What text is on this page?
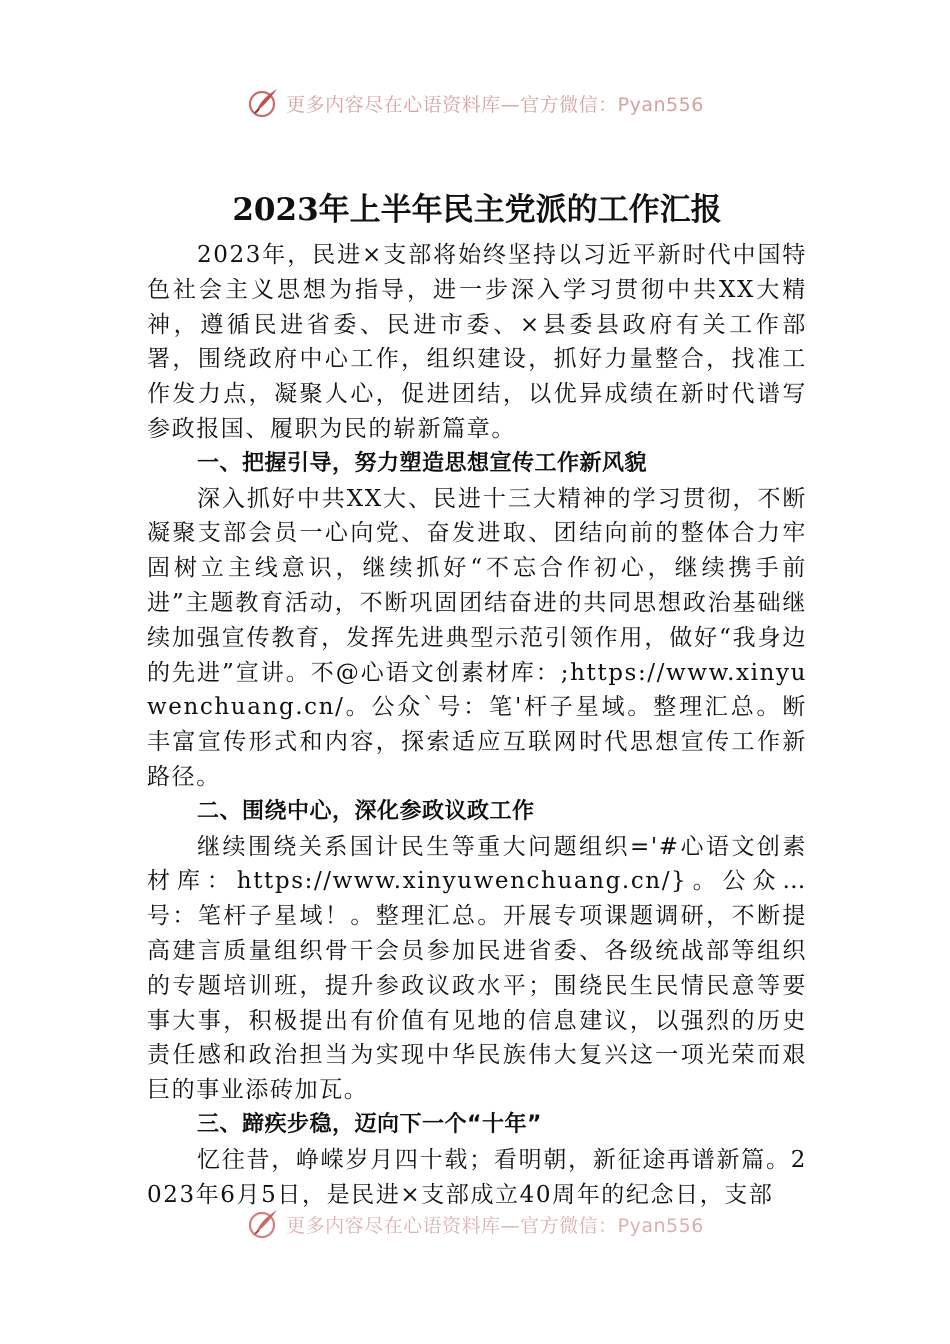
更多内容尽在心语资料库—官方微信：Pyan556
2023年上半年民主党派的工作汇报

2023年，民进×支部将始终坚持以习近平新时代中国特色社会主义思想为指导，进一步深入学习贯彻中共XX大精神，遵循民进省委、民进市委、×县委县政府有关工作部署，围绕政府中心工作，组织建设，抓好力量整合，找准工作发力点，凝聚人心，促进团结，以优异成绩在新时代谱写参政报国、履职为民的崭新篇章。

一、把握引导，努力塑造思想宣传工作新风貌

深入抓好中共XX大、民进十三大精神的学习贯彻，不断凝聚支部会员一心向党、奋发进取、团结向前的整体合力牢固树立主线意识，继续抓好“不忘合作初心，继续携手前进”主题教育活动，不断巩固团结奋进的共同思想政治基础继续加强宣传教育，发挥先进典型示范引领作用，做好“我身边的先进”宣讲。不@心语文创素材库：;https://www.xinyuwenchuang.cn/。公众`号：笔'杆子星域。整理汇总。断丰富宣传形式和内容，探索适应互联网时代思想宣传工作新路径。

二、围绕中心，深化参政议政工作

继续围绕关系国计民生等重大问题组织='#心语文创素材库：https://www.xinyuwenchuang.cn/}。公众…号：笔杆子星域！。整理汇总。开展专项课题调研，不断提高建言质量组织骨干会员参加民进省委、各级统战部等组织的专题培训班，提升参政议政水平；围绕民生民情民意等要事大事，积极提出有价值有见地的信息建议，以强烈的历史责任感和政治担当为实现中华民族伟大复兴这一项光荣而艰巨的事业添砖加瓦。

三、蹄疾步稳，迈向下一个“十年”

忆往昔，峥嵘岁月四十载；看明朝，新征途再谱新篇。2023年6月5日，是民进×支部成立40周年的纪念日，支部

更多内容尽在心语资料库—官方微信：Pyan556
